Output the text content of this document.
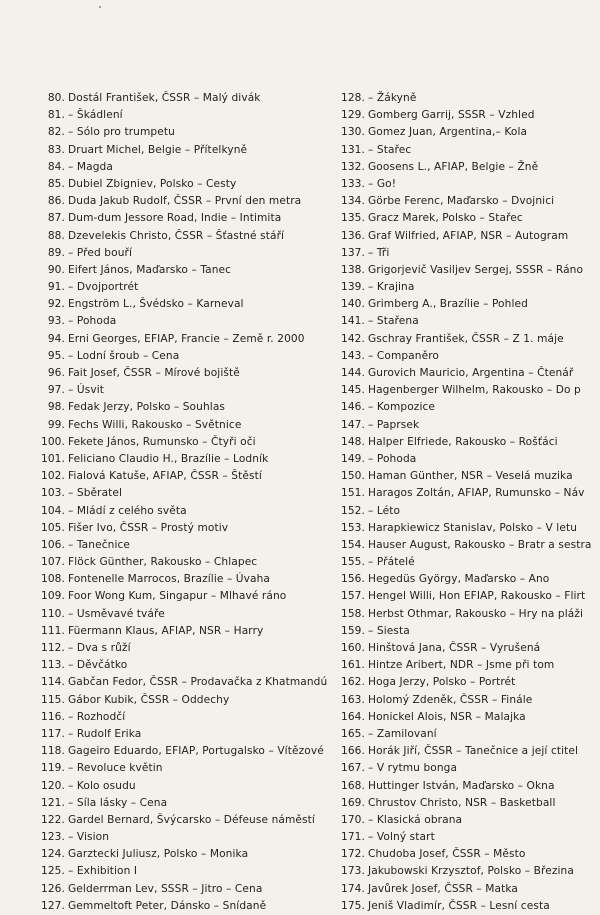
80. Dostál František, ČSSR – Malý divák
81. – Škádlení
82. – Sólo pro trumpetu
83. Druart Michel, Belgie – Přítelkyně
84. – Magda
85. Dubiel Zbigniev, Polsko – Cesty
86. Duda Jakub Rudolf, ČSSR – První den metra
87. Dum-dum Jessore Road, Indie – Intimita
88. Dzevelekis Christo, ČSSR – Šťastné stáří
89. – Před bouří
90. Eifert János, Maďarsko – Tanec
91. – Dvojportrét
92. Engström L., Švédsko – Karneval
93. – Pohoda
94. Erni Georges, EFIAP, Francie – Země r. 2000
95. – Lodní šroub – Cena
96. Fait Josef, ČSSR – Mírové bojiště
97. – Úsvit
98. Fedak Jerzy, Polsko – Souhlas
99. Fechs Willi, Rakousko – Světnice
100. Fekete János, Rumunsko – Čtyři oči
101. Feliciano Claudio H., Brazílie – Lodník
102. Fialová Katuše, AFIAP, ČSSR – Štěstí
103. – Sběratel
104. – Mládí z celého světa
105. Fišer Ivo, ČSSR – Prostý motiv
106. – Tanečnice
107. Flöck Günther, Rakousko – Chlapec
108. Fontenelle Marrocos, Brazílie – Úvaha
109. Foor Wong Kum, Singapur – Mlhavé ráno
110. – Usměvavé tváře
111. Füermann Klaus, AFIAP, NSR – Harry
112. – Dva s růží
113. – Děvčátko
114. Gabčan Fedor, ČSSR – Prodavačka z Khatmandú
115. Gábor Kubik, ČSSR – Oddechy
116. – Rozhodčí
117. – Rudolf Erika
118. Gageiro Eduardo, EFIAP, Portugalsko – Vítězové
119. – Revoluce květin
120. – Kolo osudu
121. – Síla lásky – Cena
122. Gardel Bernard, Švýcarsko – Défeuse náměstí
123. – Vision
124. Garztecki Juliusz, Polsko – Monika
125. – Exhibition I
126. Gelderrman Lev, SSSR – Jitro – Cena
127. Gemmeltoft Peter, Dánsko – Snídaně
128. – Žákyně
129. Gomberg Garrij, SSSR – Vzhled
130. Gomez Juan, Argentina,– Kola
131. – Stařec
132. Goosens L., AFIAP, Belgie – Žně
133. – Go!
134. Görbe Ferenc, Maďarsko – Dvojnici
135. Gracz Marek, Polsko – Stařec
136. Graf Wilfried, AFIAP, NSR – Autogram
137. – Tři
138. Grigorjevič Vasiljev Sergej, SSSR – Ráno
139. – Krajina
140. Grimberg A., Brazílie – Pohled
141. – Stařena
142. Gschray František, ČSSR – Z 1. máje
143. – Companěro
144. Gurovich Mauricio, Argentina – Čtenář
145. Hagenberger Wilhelm, Rakousko – Do p
146. – Kompozice
147. – Paprsek
148. Halper Elfriede, Rakousko – Rošťáci
149. – Pohoda
150. Haman Günther, NSR – Veselá muzika
151. Haragos Zoltán, AFIAP, Rumunsko – Náv
152. – Léto
153. Harapkiewicz Stanislav, Polsko – V letu
154. Hauser August, Rakousko – Bratr a sestra
155. – Přátelé
156. Hegedüs György, Maďarsko – Ano
157. Hengel Willi, Hon EFIAP, Rakousko – Flirt
158. Herbst Othmar, Rakousko – Hry na pláži
159. – Siesta
160. Hinštová Jana, ČSSR – Vyrušená
161. Hintze Aribert, NDR – Jsme při tom
162. Hoga Jerzy, Polsko – Portrét
163. Holomý Zdeněk, ČSSR – Finále
164. Honickel Alois, NSR – Malajka
165. – Zamilovaní
166. Horák Jiří, ČSSR – Tanečnice a její ctitel
167. – V rytmu bonga
168. Huttinger István, Maďarsko – Okna
169. Chrustov Christo, NSR – Basketball
170. – Klasická obrana
171. – Volný start
172. Chudoba Josef, ČSSR – Město
173. Jakubowski Krzysztof, Polsko – Březina
174. Javůrek Josef, ČSSR – Matka
175. Jeniš Vladimír, ČSSR – Lesní cesta
